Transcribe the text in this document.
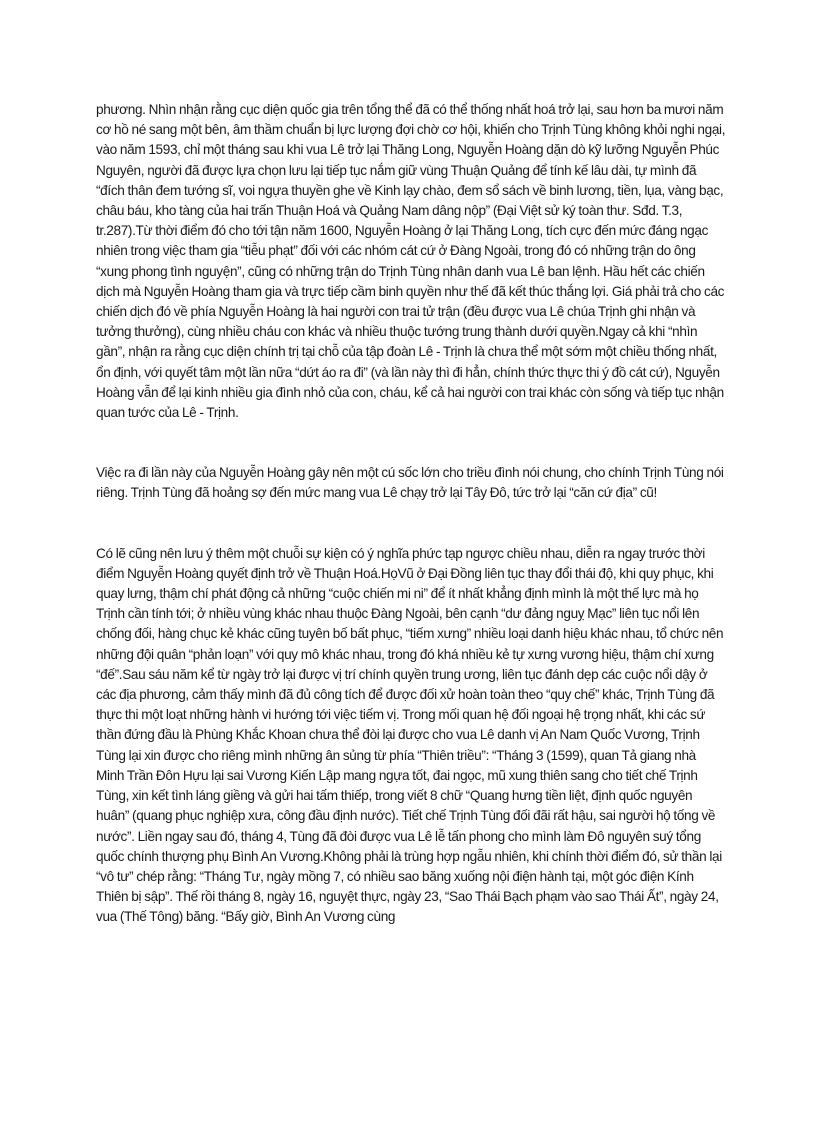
phương. Nhìn nhận rằng cục diện quốc gia trên tổng thể đã có thể thống nhất hoá trở lại, sau hơn ba mươi năm cơ hồ né sang một bên, âm thầm chuẩn bị lực lượng đợi chờ cơ hội, khiến cho Trịnh Tùng không khỏi nghi ngại, vào năm 1593, chỉ một tháng sau khi vua Lê trở lại Thăng Long, Nguyễn Hoàng dặn dò kỹ lưỡng Nguyễn Phúc Nguyên, người đã được lựa chọn lưu lại tiếp tục nắm giữ vùng Thuận Quảng để tính kế lâu dài, tự mình đã “đích thân đem tướng sĩ, voi ngựa thuyền ghe về Kinh lạy chào, đem sổ sách về binh lương, tiền, lụa, vàng bạc, châu báu, kho tàng của hai trấn Thuận Hoá và Quảng Nam dâng nộp” (Đại Việt sử ký toàn thư. Sđd. T.3, tr.287).Từ thời điểm đó cho tới tận năm 1600, Nguyễn Hoàng ở lại Thăng Long, tích cực đến mức đáng ngạc nhiên trong việc tham gia “tiễu phạt” đối với các nhóm cát cứ ở Đàng Ngoài, trong đó có những trận do ông “xung phong tình nguyện”, cũng có những trận do Trịnh Tùng nhân danh vua Lê ban lệnh. Hầu hết các chiến dịch mà Nguyễn Hoàng tham gia và trực tiếp cầm binh quyền như thế đã kết thúc thắng lợi. Giá phải trả cho các chiến dịch đó về phía Nguyễn Hoàng là hai người con trai tử trận (đều được vua Lê chúa Trịnh ghi nhận và tưởng thưởng), cùng nhiều cháu con khác và nhiều thuộc tướng trung thành dưới quyền.Ngay cả khi “nhìn gần”, nhận ra rằng cục diện chính trị tại chỗ của tập đoàn Lê - Trịnh là chưa thể một sớm một chiều thống nhất, ổn định, với quyết tâm một lần nữa “dứt áo ra đi” (và lần này thì đi hẳn, chính thức thực thi ý đồ cát cứ), Nguyễn Hoàng vẫn để lại kinh nhiều gia đình nhỏ của con, cháu, kể cả hai người con trai khác còn sống và tiếp tục nhận quan tước của Lê - Trịnh.

Việc ra đi lần này của Nguyễn Hoàng gây nên một cú sốc lớn cho triều đình nói chung, cho chính Trịnh Tùng nói riêng. Trịnh Tùng đã hoảng sợ đến mức mang vua Lê chạy trở lại Tây Đô, tức trở lại “căn cứ địa” cũ!

Có lẽ cũng nên lưu ý thêm một chuỗi sự kiện có ý nghĩa phức tạp ngược chiều nhau, diễn ra ngay trước thời điểm Nguyễn Hoàng quyết định trở về Thuận Hoá.HọVũ ở Đại Đồng liên tục thay đổi thái độ, khi quy phục, khi quay lưng, thậm chí phát động cả những “cuộc chiến mi ni” để ít nhất khẳng định mình là một thế lực mà họ Trịnh cần tính tới; ở nhiều vùng khác nhau thuộc Đàng Ngoài, bên cạnh “dư đảng nguỵ Mạc” liên tục nổi lên chống đối, hàng chục kẻ khác cũng tuyên bố bất phục, “tiếm xưng” nhiều loại danh hiệu khác nhau, tổ chức nên những đội quân “phản loạn” với quy mô khác nhau, trong đó khá nhiều kẻ tự xưng vương hiệu, thậm chí xưng “đế”.Sau sáu năm kể từ ngày trở lại được vị trí chính quyền trung ương, liên tục đánh dẹp các cuộc nổi dậy ở các địa phương, cảm thấy mình đã đủ công tích để được đối xử hoàn toàn theo “quy chế” khác, Trịnh Tùng đã thực thi một loạt những hành vi hướng tới việc tiếm vị. Trong mối quan hệ đối ngoại hệ trọng nhất, khi các sứ thần đứng đầu là Phùng Khắc Khoan chưa thể đòi lại được cho vua Lê danh vị An Nam Quốc Vương, Trịnh Tùng lại xin được cho riêng mình những ân sủng từ phía “Thiên triều”: “Tháng 3 (1599), quan Tả giang nhà Minh Trần Đôn Hựu lại sai Vương Kiến Lập mang ngựa tốt, đai ngọc, mũ xung thiên sang cho tiết chế Trịnh Tùng, xin kết tình láng giềng và gửi hai tấm thiếp, trong viết 8 chữ “Quang hưng tiền liệt, định quốc nguyên huân” (quang phục nghiệp xưa, công đầu định nước). Tiết chế Trịnh Tùng đối đãi rất hậu, sai người hộ tống về nước”. Liền ngay sau đó, tháng 4, Tùng đã đòi được vua Lê lễ tấn phong cho mình làm Đô nguyên suý tổng quốc chính thượng phụ Bình An Vương.Không phải là trùng hợp ngẫu nhiên, khi chính thời điểm đó, sử thần lại “vô tư” chép rằng: “Tháng Tư, ngày mồng 7, có nhiều sao băng xuống nội điện hành tại, một góc điện Kính Thiên bị sập”. Thế rồi tháng 8, ngày 16, nguyệt thực, ngày 23, “Sao Thái Bạch phạm vào sao Thái Ất”, ngày 24, vua (Thế Tông) băng. “Bấy giờ, Bình An Vương cùng
